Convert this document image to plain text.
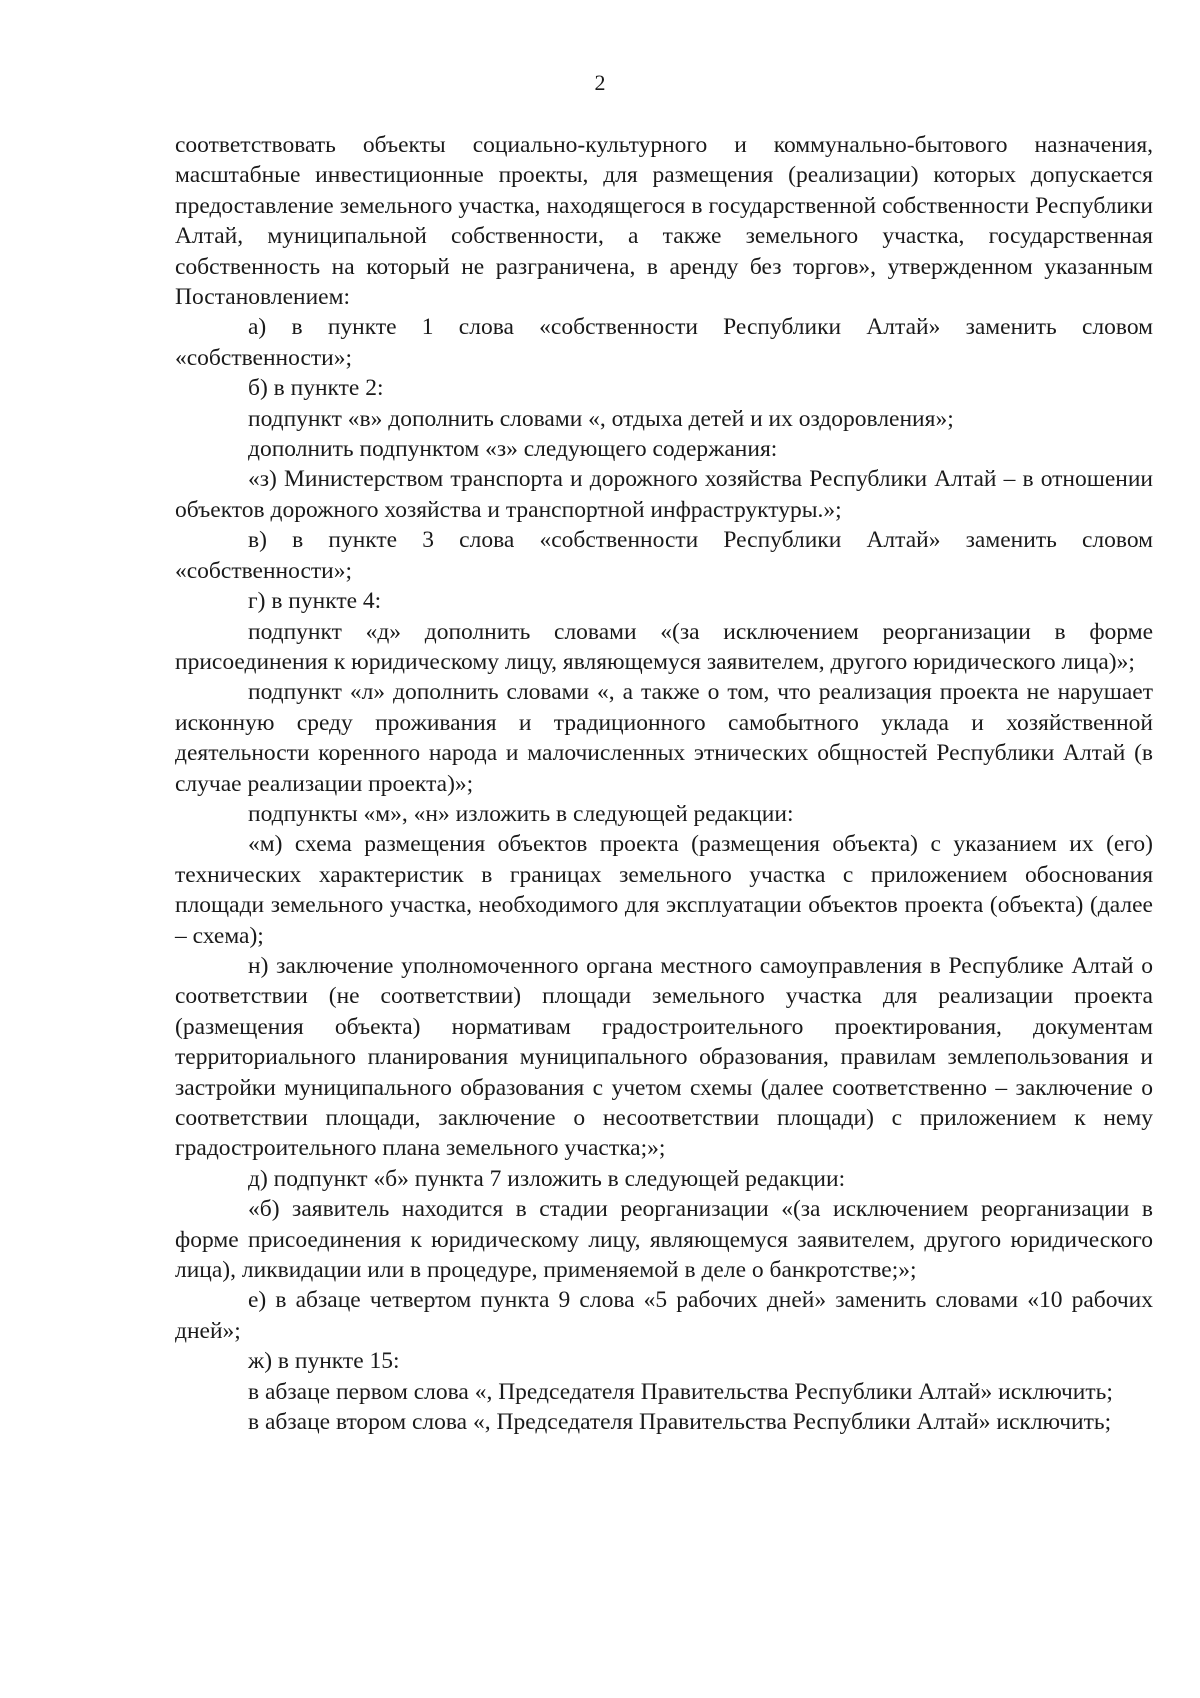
2

соответствовать объекты социально-культурного и коммунально-бытового назначения, масштабные инвестиционные проекты, для размещения (реализации) которых допускается предоставление земельного участка, находящегося в государственной собственности Республики Алтай, муниципальной собственности, а также земельного участка, государственная собственность на который не разграничена, в аренду без торгов», утвержденном указанным Постановлением:

а) в пункте 1 слова «собственности Республики Алтай» заменить словом «собственности»;

б) в пункте 2:

подпункт «в» дополнить словами «, отдыха детей и их оздоровления»;

дополнить подпунктом «з» следующего содержания:

«з) Министерством транспорта и дорожного хозяйства Республики Алтай – в отношении объектов дорожного хозяйства и транспортной инфраструктуры.»;

в) в пункте 3 слова «собственности Республики Алтай» заменить словом «собственности»;

г) в пункте 4:

подпункт «д» дополнить словами «(за исключением реорганизации в форме присоединения к юридическому лицу, являющемуся заявителем, другого юридического лица)»;

подпункт «л» дополнить словами «, а также о том, что реализация проекта не нарушает исконную среду проживания и традиционного самобытного уклада и хозяйственной деятельности коренного народа и малочисленных этнических общностей Республики Алтай (в случае реализации проекта)»;

подпункты «м», «н» изложить в следующей редакции:

«м) схема размещения объектов проекта (размещения объекта) с указанием их (его) технических характеристик в границах земельного участка с приложением обоснования площади земельного участка, необходимого для эксплуатации объектов проекта (объекта) (далее – схема);

н) заключение уполномоченного органа местного самоуправления в Республике Алтай о соответствии (не соответствии) площади земельного участка для реализации проекта (размещения объекта) нормативам градостроительного проектирования, документам территориального планирования муниципального образования, правилам землепользования и застройки муниципального образования с учетом схемы (далее соответственно – заключение о соответствии площади, заключение о несоответствии площади) с приложением к нему градостроительного плана земельного участка;»;

д) подпункт «б» пункта 7 изложить в следующей редакции:

«б) заявитель находится в стадии реорганизации «(за исключением реорганизации в форме присоединения к юридическому лицу, являющемуся заявителем, другого юридического лица), ликвидации или в процедуре, применяемой в деле о банкротстве;»;

е) в абзаце четвертом пункта 9 слова «5 рабочих дней» заменить словами «10 рабочих дней»;

ж) в пункте 15:

в абзаце первом слова «, Председателя Правительства Республики Алтай» исключить;

в абзаце втором слова «, Председателя Правительства Республики Алтай» исключить;
